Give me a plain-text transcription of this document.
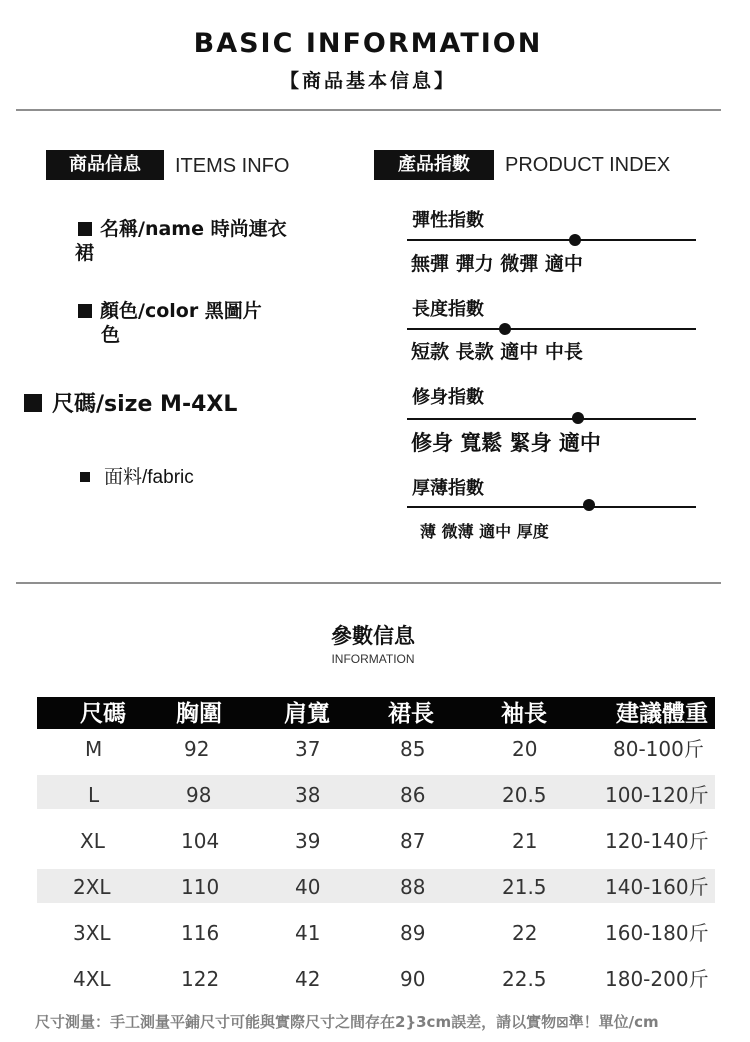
BASIC INFORMATION
【商品基本信息】
商品信息	ITEMS INFO
名稱/name 時尚連衣
裙
顏色/color 黑圖片
色
尺碼/size M-4XL
面料/fabric
產品指數	PRODUCT INDEX
彈性指數
無彈 彈力 微彈 適中
長度指數
短款 長款 適中 中長
修身指數
修身 寬鬆 緊身 適中
厚薄指數
薄 微薄 適中 厚度
參數信息
INFORMATION
尺碼 胸圍	肩寬	裙長	袖長	建議體重
M	92	37	85	20	80-100斤
L	98	38	86	20.5	100-120斤
XL	104	39	87	21	120-140斤
2XL	110	40	88	21.5	140-160斤
3XL	116	41	89	22	160-180斤
4XL	122	42	90	22.5	180-200斤
尺寸測量：手工測量平鋪尺寸可能與實際尺寸之間存在2}3cm誤差，請以實物⊠準！單位/cm
